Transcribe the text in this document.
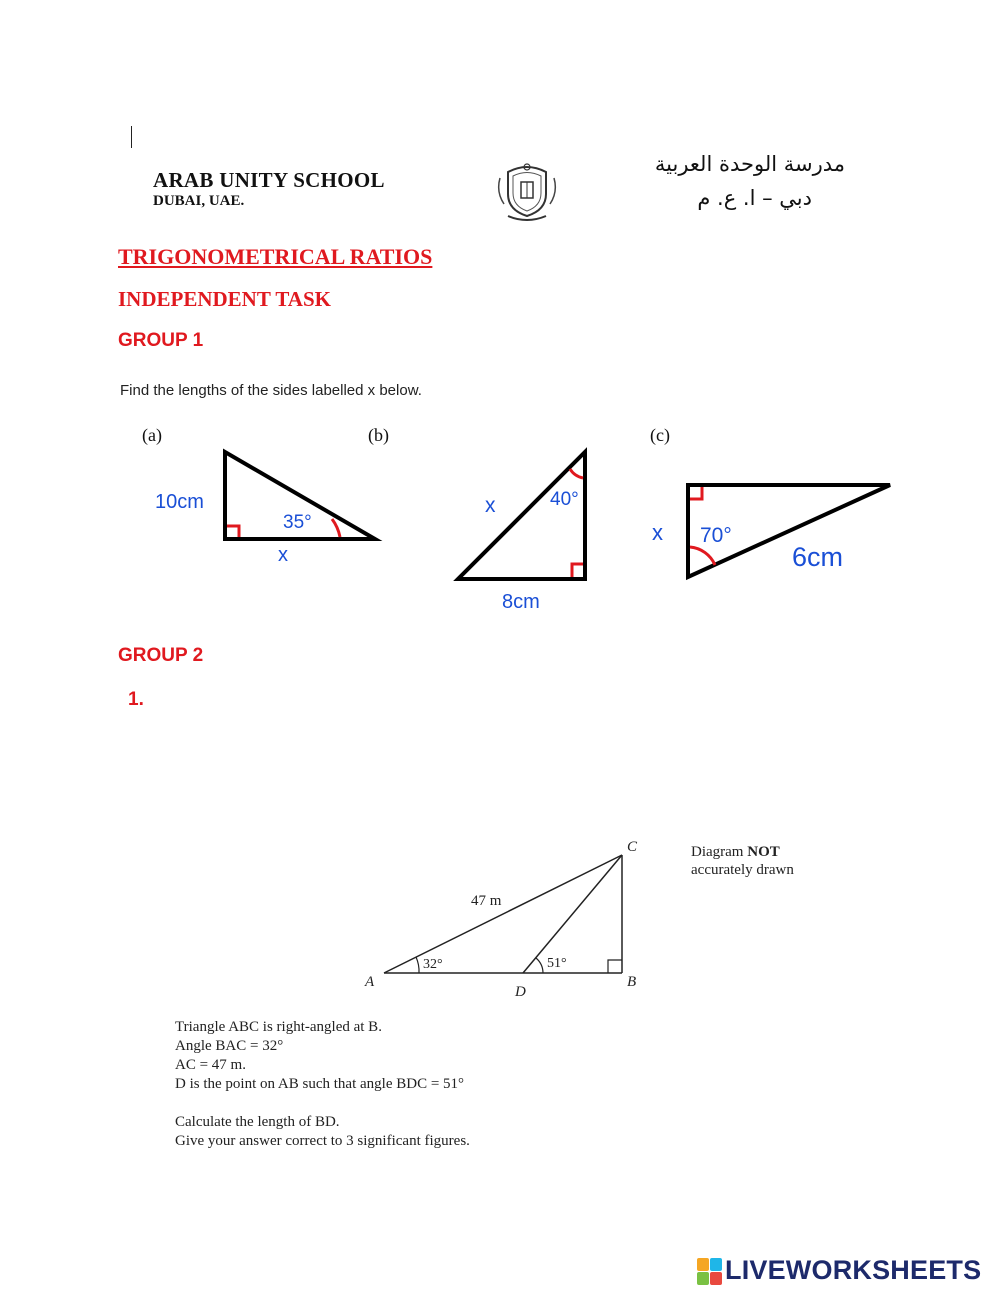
ARAB UNITY SCHOOL
DUBAI, UAE.
مدرسة الوحدة العربية
دبي – ا. ع. م
TRIGONOMETRICAL RATIOS
INDEPENDENT TASK
GROUP 1
Find the lengths of the sides labelled x below.
(a)	(b)	(c)
10cm
35°
x
40°
x
8cm
x 70°
6cm
GROUP 2
1.
A	B
C
D
47 m
32°	51°
Diagram NOT
accurately drawn

Triangle ABC is right-angled at B.

Angle BAC = 32°

AC = 47 m.

D is the point on AB such that angle BDC = 51°

Calculate the length of BD.

Give your answer correct to 3 significant figures.

LIVEWORKSHEETS
